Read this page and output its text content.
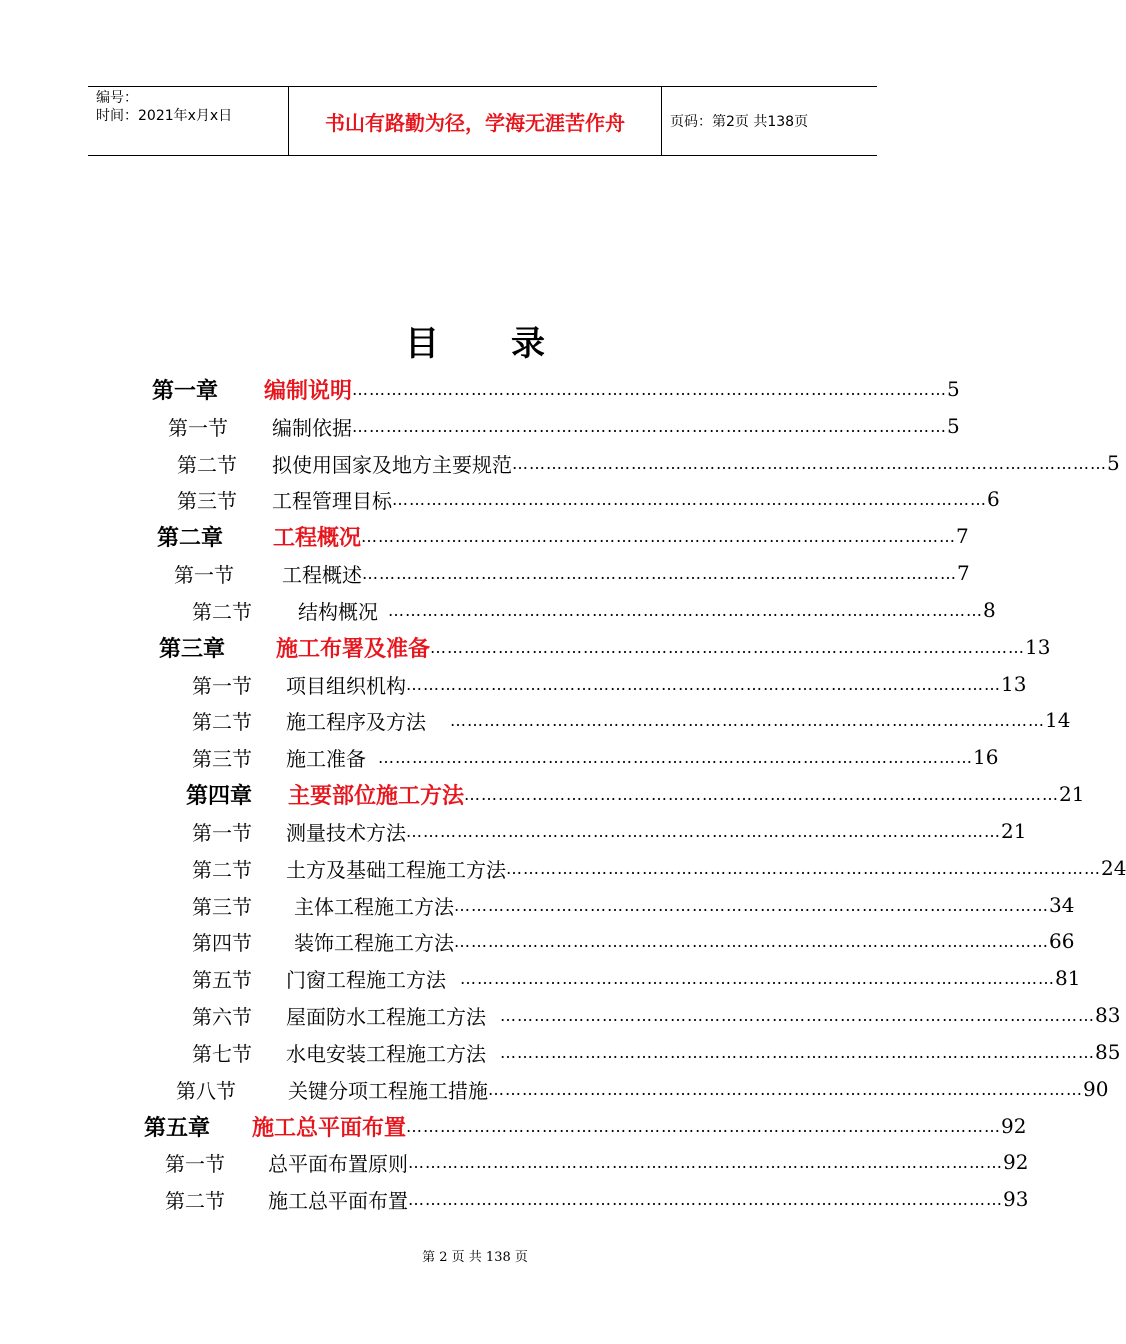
编号：
时间：2021年x月x日	书山有路勤为径，学海无涯苦作舟	页码：第2页 共138页
目 录
第一章	编制说明 …………………………………………………………………………………………… 5
第一节	编制依据 …………………………………………………………………………………………… 5
第二节	拟使用国家及地方主要规范 …………………………………………………………………………………………… 5
第三节	工程管理目标 …………………………………………………………………………………………… 6
第二章	工程概况 …………………………………………………………………………………………… 7
第一节	工程概述 …………………………………………………………………………………………… 7
第二节	结构概况 …………………………………………………………………………………………… 8
第三章	施工布署及准备 …………………………………………………………………………………………… 13
第一节	项目组织机构 …………………………………………………………………………………………… 13
第二节	施工程序及方法 …………………………………………………………………………………………… 14
第三节	施工准备 …………………………………………………………………………………………… 16
第四章	主要部位施工方法 …………………………………………………………………………………………… 21
第一节	测量技术方法 …………………………………………………………………………………………… 21
第二节	土方及基础工程施工方法 …………………………………………………………………………………………… 24
第三节	主体工程施工方法 …………………………………………………………………………………………… 34
第四节	装饰工程施工方法 …………………………………………………………………………………………… 66
第五节	门窗工程施工方法 …………………………………………………………………………………………… 81
第六节	屋面防水工程施工方法 …………………………………………………………………………………………… 83
第七节	水电安装工程施工方法 …………………………………………………………………………………………… 85
第八节	关键分项工程施工措施 …………………………………………………………………………………………… 90
第五章	施工总平面布置 …………………………………………………………………………………………… 92
第一节	总平面布置原则 …………………………………………………………………………………………… 92
第二节	施工总平面布置 …………………………………………………………………………………………… 93
第 2 页 共 138 页
